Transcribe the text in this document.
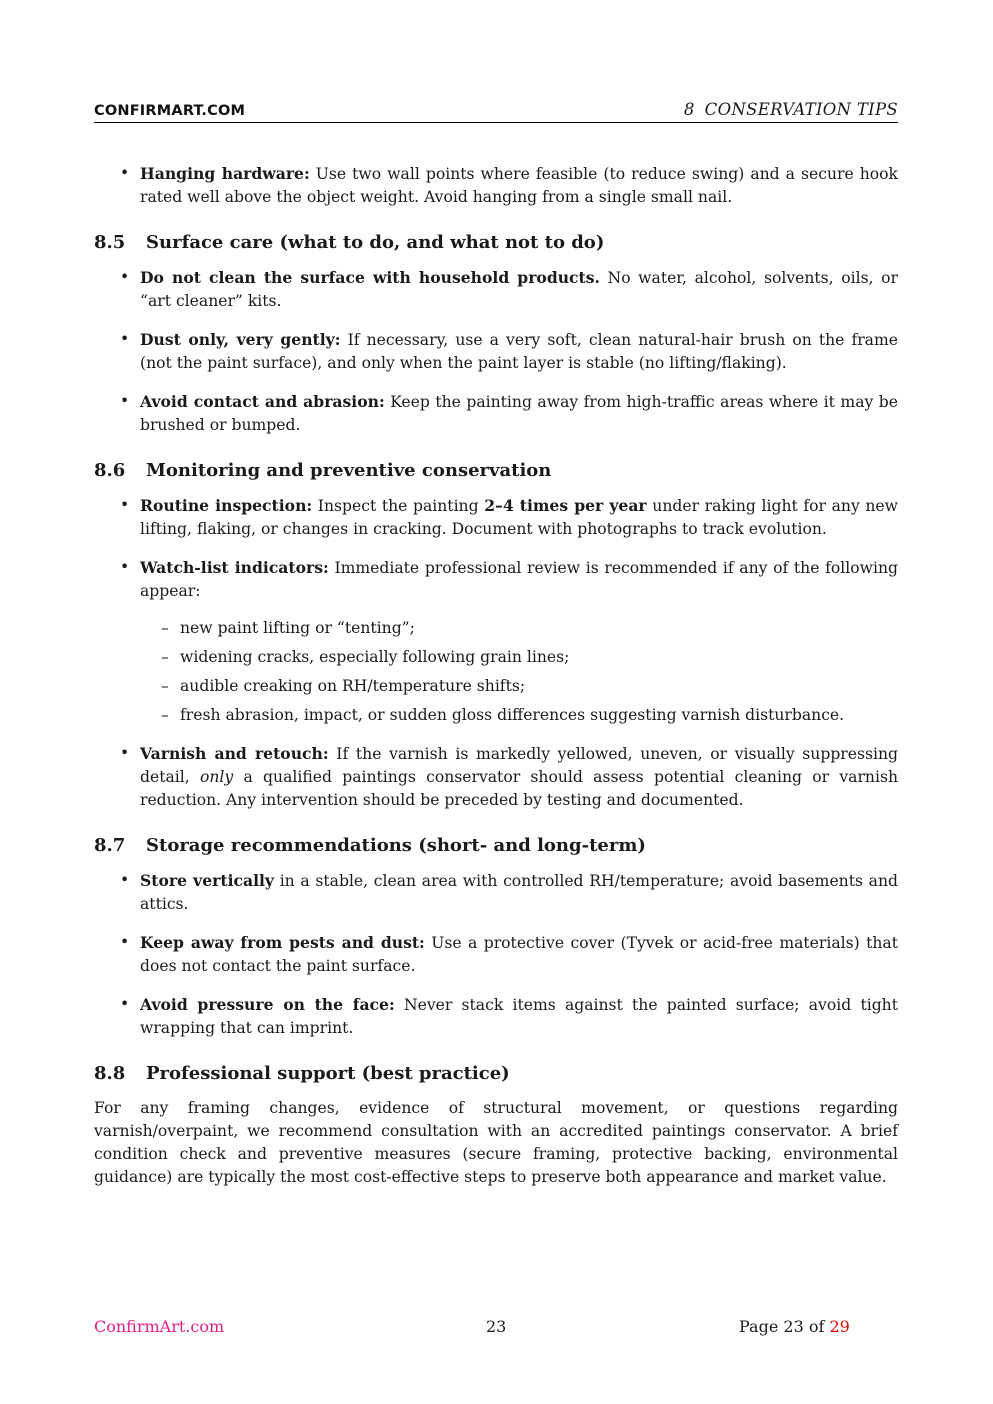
CONFIRMART.COM	8 CONSERVATION TIPS
• Hanging hardware: Use two wall points where feasible (to reduce swing) and a secure hook rated well above the object weight. Avoid hanging from a single small nail.
8.5 Surface care (what to do, and what not to do)
• Do not clean the surface with household products. No water, alcohol, solvents, oils, or “art cleaner” kits.
• Dust only, very gently: If necessary, use a very soft, clean natural-hair brush on the frame (not the paint surface), and only when the paint layer is stable (no lifting/flaking).
• Avoid contact and abrasion: Keep the painting away from high-traffic areas where it may be brushed or bumped.
8.6 Monitoring and preventive conservation
• Routine inspection: Inspect the painting 2–4 times per year under raking light for any new lifting, flaking, or changes in cracking. Document with photographs to track evolution.
• Watch-list indicators: Immediate professional review is recommended if any of the following appear:
– new paint lifting or “tenting”;
– widening cracks, especially following grain lines;
– audible creaking on RH/temperature shifts;
– fresh abrasion, impact, or sudden gloss differences suggesting varnish disturbance.
• Varnish and retouch: If the varnish is markedly yellowed, uneven, or visually suppressing detail, only a qualified paintings conservator should assess potential cleaning or varnish reduction. Any intervention should be preceded by testing and documented.
8.7 Storage recommendations (short- and long-term)
• Store vertically in a stable, clean area with controlled RH/temperature; avoid basements and attics.
• Keep away from pests and dust: Use a protective cover (Tyvek or acid-free materials) that does not contact the paint surface.
• Avoid pressure on the face: Never stack items against the painted surface; avoid tight wrapping that can imprint.
8.8 Professional support (best practice)

For any framing changes, evidence of structural movement, or questions regarding varnish/overpaint, we recommend consultation with an accredited paintings conservator. A brief condition check and preventive measures (secure framing, protective backing, environmental guidance) are typically the most cost-effective steps to preserve both appearance and market value.

ConfirmArt.com	23	Page 23 of 29
